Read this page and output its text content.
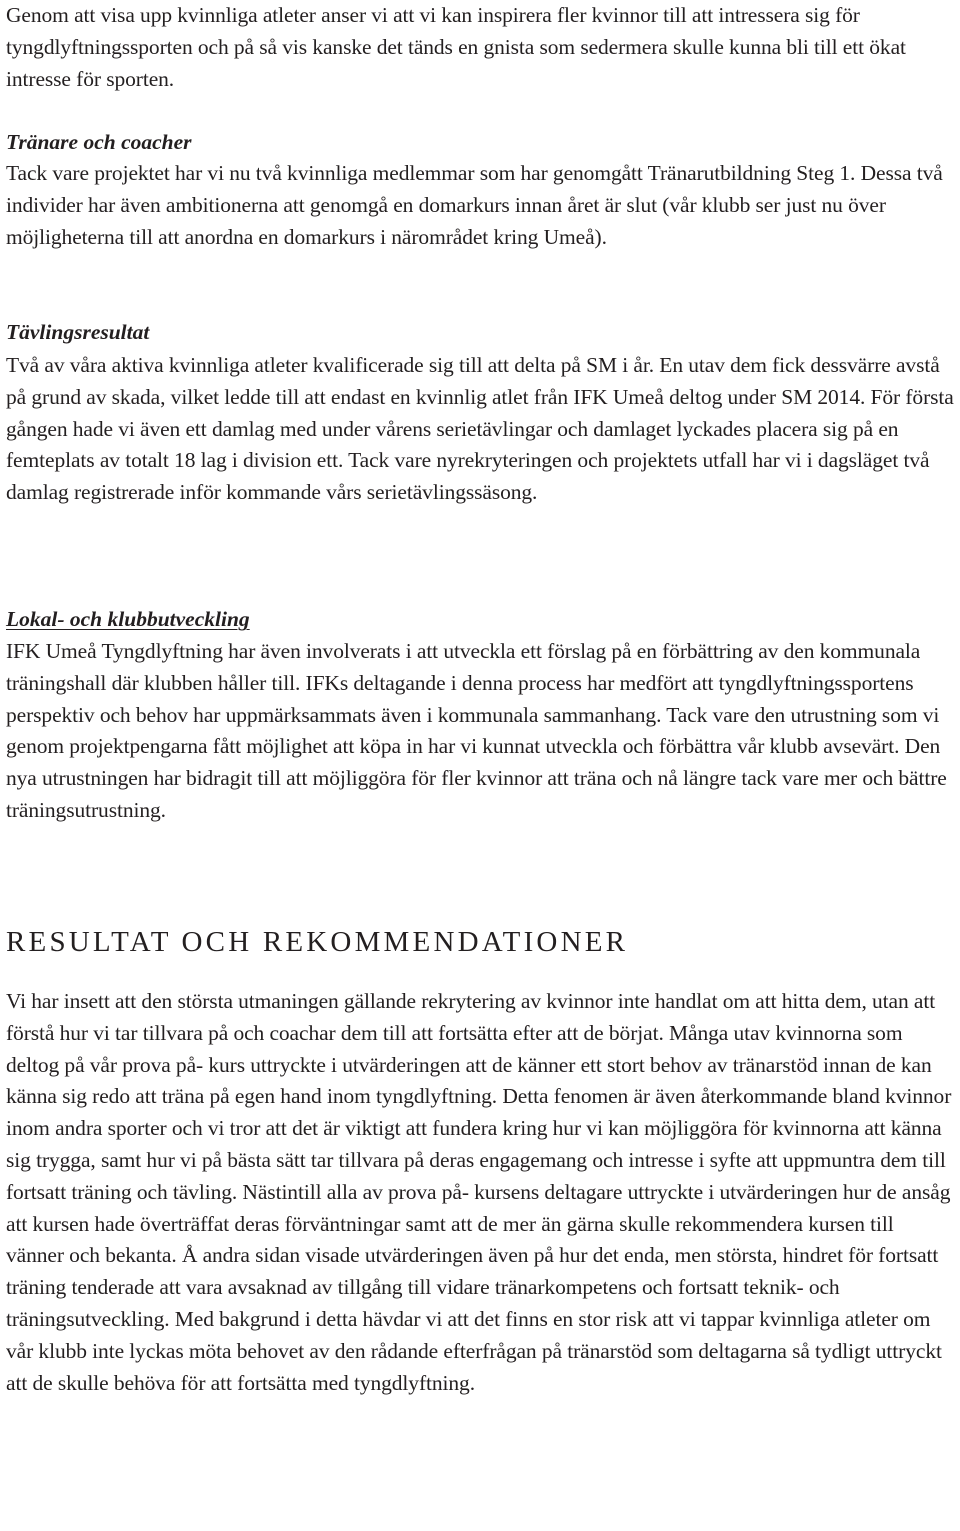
Genom att visa upp kvinnliga atleter anser vi att vi kan inspirera fler kvinnor till att intressera sig för tyngdlyftningssporten och på så vis kanske det tänds en gnista som sedermera skulle kunna bli till ett ökat intresse för sporten.

Tränare och coacher

Tack vare projektet har vi nu två kvinnliga medlemmar som har genomgått Tränarutbildning Steg 1. Dessa två individer har även ambitionerna att genomgå en domarkurs innan året är slut (vår klubb ser just nu över möjligheterna till att anordna en domarkurs i närområdet kring Umeå).

Tävlingsresultat

Två av våra aktiva kvinnliga atleter kvalificerade sig till att delta på SM i år. En utav dem fick dessvärre avstå på grund av skada, vilket ledde till att endast en kvinnlig atlet från IFK Umeå deltog under SM 2014. För första gången hade vi även ett damlag med under vårens serietävlingar och damlaget lyckades placera sig på en femteplats av totalt 18 lag i division ett. Tack vare nyrekryteringen och projektets utfall har vi i dagsläget två damlag registrerade inför kommande vårs serietävlingssäsong.

Lokal- och klubbutveckling

IFK Umeå Tyngdlyftning har även involverats i att utveckla ett förslag på en förbättring av den kommunala träningshall där klubben håller till. IFKs deltagande i denna process har medfört att tyngdlyftningssportens perspektiv och behov har uppmärksammats även i kommunala sammanhang. Tack vare den utrustning som vi genom projektpengarna fått möjlighet att köpa in har vi kunnat utveckla och förbättra vår klubb avsevärt. Den nya utrustningen har bidragit till att möjliggöra för fler kvinnor att träna och nå längre tack vare mer och bättre träningsutrustning.

RESULTAT OCH REKOMMENDATIONER

Vi har insett att den största utmaningen gällande rekrytering av kvinnor inte handlat om att hitta dem, utan att förstå hur vi tar tillvara på och coachar dem till att fortsätta efter att de börjat. Många utav kvinnorna som deltog på vår prova på- kurs uttryckte i utvärderingen att de känner ett stort behov av tränarstöd innan de kan känna sig redo att träna på egen hand inom tyngdlyftning. Detta fenomen är även återkommande bland kvinnor inom andra sporter och vi tror att det är viktigt att fundera kring hur vi kan möjliggöra för kvinnorna att känna sig trygga, samt hur vi på bästa sätt tar tillvara på deras engagemang och intresse i syfte att uppmuntra dem till fortsatt träning och tävling. Nästintill alla av prova på- kursens deltagare uttryckte i utvärderingen hur de ansåg att kursen hade överträffat deras förväntningar samt att de mer än gärna skulle rekommendera kursen till vänner och bekanta. Å andra sidan visade utvärderingen även på hur det enda, men största, hindret för fortsatt träning tenderade att vara avsaknad av tillgång till vidare tränarkompetens och fortsatt teknik- och träningsutveckling. Med bakgrund i detta hävdar vi att det finns en stor risk att vi tappar kvinnliga atleter om vår klubb inte lyckas möta behovet av den rådande efterfrågan på tränarstöd som deltagarna så tydligt uttryckt att de skulle behöva för att fortsätta med tyngdlyftning.
